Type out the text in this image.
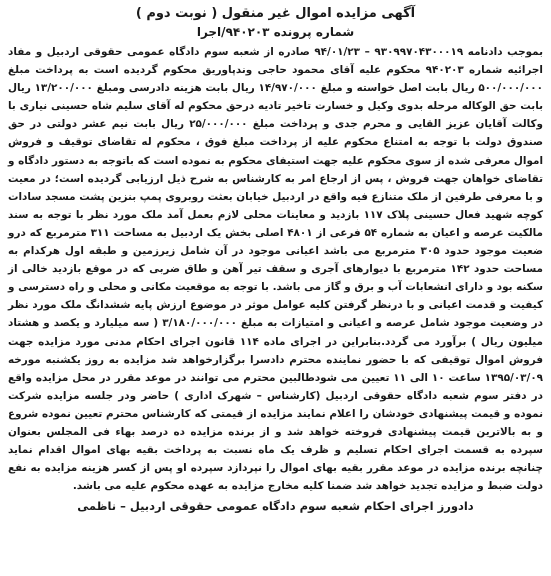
آگهی مزایده اموال غیر منقول ( نوبت دوم )

شماره پرونده ۹۴۰۲۰۳/اجرا

بموجب دادنامه ۹۳۰۹۹۷۰۴۳۰۰۰۱۹ – ۹۴/۰۱/۲۳ صادره از شعبه سوم دادگاه عمومی حقوقی اردبیل و مفاد اجرائیه شماره ۹۴۰۲۰۳ محکوم علیه آقای محمود حاجی وندپاوریق محکوم گردیده است به پرداخت مبلغ ۵۰۰/۰۰۰/۰۰۰ ریال بابت اصل خواسته و مبلغ ۱۴/۹۷۰/۰۰۰ ریال بابت هزینه دادرسی ومبلغ ۱۳/۲۰۰/۰۰۰ ریال بابت حق الوکاله مرحله بدوی وکیل و خسارت تاخیر تادیه درحق محکوم له آقای سلیم شاه حسینی نیاری با وکالت آقایان عزیز القایی و محرم جدی و پرداخت مبلغ ۲۵/۰۰۰/۰۰۰ ریال بابت نیم عشر دولتی در حق صندوق دولت با توجه به امتناع محکوم علیه از پرداخت مبلغ فوق ، محکوم له تقاضای توقیف و فروش اموال معرفی شده از سوی محکوم علیه جهت استیفای محکوم به نموده است که باتوجه به دستور دادگاه و تقاضای خواهان جهت فروش ، پس از ارجاع امر به کارشناس به شرح ذیل ارزیابی گردیده است؛ در معیت و با معرفی طرفین از ملک متنازع فیه واقع در اردبیل خیابان بعثت روبروی پمپ بنزین پشت مسجد سادات کوچه شهید فعال حسینی پلاک ۱۱۷ بازدید و معاینات محلی لازم بعمل آمد ملک مورد نظر با توجه به سند مالکیت عرصه و اعیان به شماره ۵۴ فرعی از ۴۸۰۱ اصلی بخش یک اردبیل به مساحت ۳۱۱ مترمربع که درو ضعیت موجود حدود ۳۰۵ مترمربع می باشد اعیانی موجود در آن شامل زیرزمین و طبقه اول هرکدام به مساحت حدود ۱۴۲ مترمربع با دیوارهای آجری و سقف تیر آهن و طاق ضربی که در موقع بازدید خالی از سکنه بود و دارای انشعابات آب و برق و گاز می باشد. با توجه به موقعیت مکانی و محلی و راه دسترسی و کیفیت و قدمت اعیانی و با درنظر گرفتن کلیه عوامل موثر در موضوع ارزش پایه ششدانگ ملک مورد نظر در وضعیت موجود شامل عرصه و اعیانی و امتیازات به مبلغ ۳/۱۸۰/۰۰۰/۰۰۰ ( سه میلیارد و یکصد و هشتاد میلیون ریال ) برآورد می گردد.بنابراین در اجرای ماده ۱۱۴ قانون اجرای احکام مدنی مورد مزایده جهت فروش اموال توقیفی که با حضور نماینده محترم دادسرا برگزارخواهد شد مزایده به روز یکشنبه مورخه ۱۳۹۵/۰۳/۰۹ ساعت ۱۰ الی ۱۱ تعیین می شودطالبین محترم می توانند در موعد مقرر در محل مزایده واقع در دفتر سوم شعبه دادگاه حقوقی اردبیل (کارشناس – شهرک اداری ) حاضر ودر جلسه مزایده شرکت نموده و قیمت پیشنهادی خودشان را اعلام نمایند مزایده از قیمتی که کارشناس محترم تعیین نموده شروع و به بالاترین قیمت پیشنهادی فروخته خواهد شد و از برنده مزایده ده درصد بهاء فی المجلس بعنوان سپرده به قسمت اجرای احکام تسلیم و ظرف یک ماه نسبت به پرداخت بقیه بهای اموال اقدام نماید چنانچه برنده مزایده در موعد مقرر بقیه بهای اموال را نپردازد سپرده او پس از کسر هزینه مزایده به نفع دولت ضبط و مزایده تجدید خواهد شد ضمنا کلیه مخارج مزایده به عهده محکوم علیه می باشد.

دادورز اجرای احکام شعبه سوم دادگاه عمومی حقوقی اردبیل – ناظمی
